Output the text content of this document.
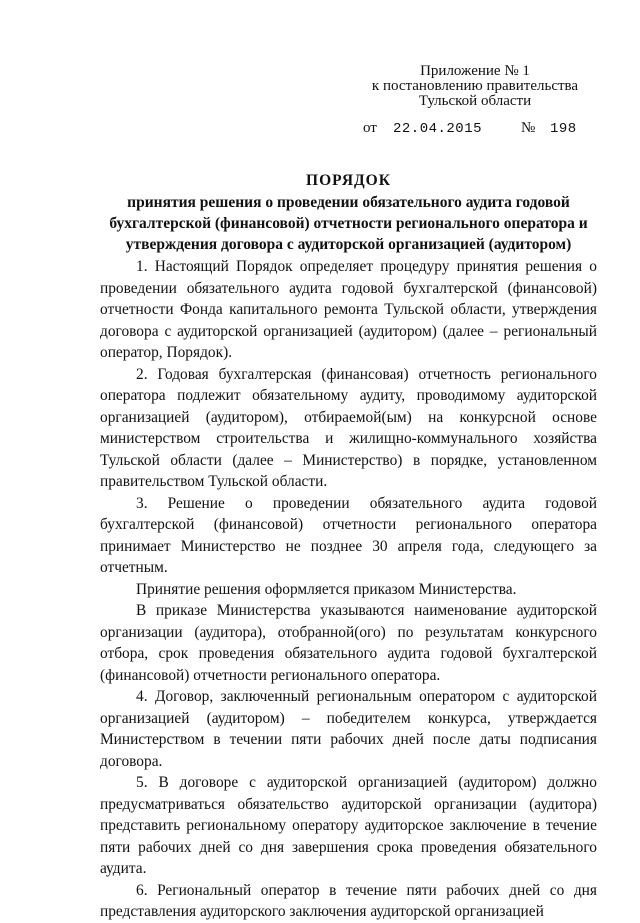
Приложение № 1
к постановлению правительства
Тульской области
от 22.04.2015	№ 198
ПОРЯДОК
принятия решения о проведении обязательного аудита годовой бухгалтерской (финансовой) отчетности регионального оператора и утверждения договора с аудиторской организацией (аудитором)

1. Настоящий Порядок определяет процедуру принятия решения о проведении обязательного аудита годовой бухгалтерской (финансовой) отчетности Фонда капитального ремонта Тульской области, утверждения договора с аудиторской организацией (аудитором) (далее – региональный оператор, Порядок).

2. Годовая бухгалтерская (финансовая) отчетность регионального оператора подлежит обязательному аудиту, проводимому аудиторской организацией (аудитором), отбираемой(ым) на конкурсной основе министерством строительства и жилищно-коммунального хозяйства Тульской области (далее – Министерство) в порядке, установленном правительством Тульской области.

3. Решение о проведении обязательного аудита годовой бухгалтерской (финансовой) отчетности регионального оператора принимает Министерство не позднее 30 апреля года, следующего за отчетным.

Принятие решения оформляется приказом Министерства.

В приказе Министерства указываются наименование аудиторской организации (аудитора), отобранной(ого) по результатам конкурсного отбора, срок проведения обязательного аудита годовой бухгалтерской (финансовой) отчетности регионального оператора.

4. Договор, заключенный региональным оператором с аудиторской организацией (аудитором) – победителем конкурса, утверждается Министерством в течении пяти рабочих дней после даты подписания договора.

5. В договоре с аудиторской организацией (аудитором) должно предусматриваться обязательство аудиторской организации (аудитора) представить региональному оператору аудиторское заключение в течение пяти рабочих дней со дня завершения срока проведения обязательного аудита.

6. Региональный оператор в течение пяти рабочих дней со дня представления аудиторского заключения аудиторской организацией
